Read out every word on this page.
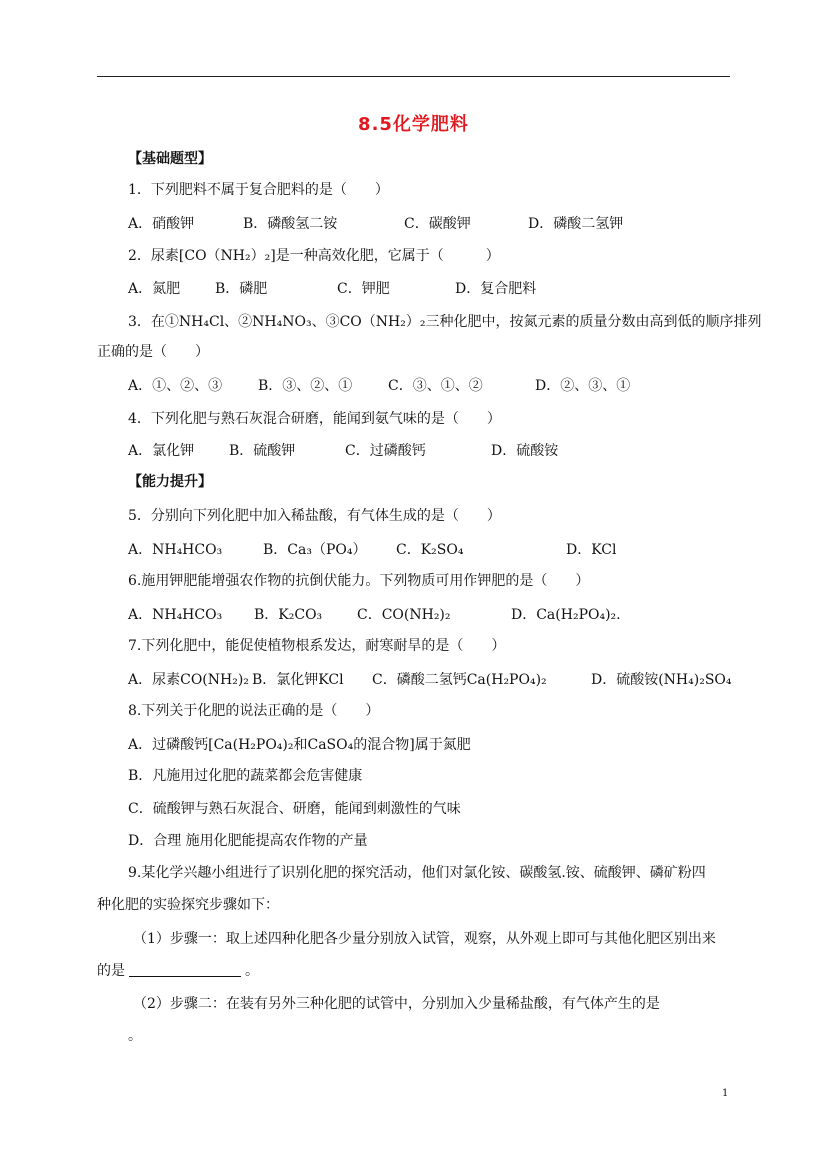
8.5化学肥料
【基础题型】
1．下列肥料不属于复合肥料的是（　　）
A．硝酸钾	B．磷酸氢二铵	C．碳酸钾	D．磷酸二氢钾
2．尿素[CO（NH₂）₂]是一种高效化肥，它属于（　　　）
A．氮肥 B．磷肥	C．钾肥	D．复合肥料
3．在①NH₄Cl、②NH₄NO₃、③CO（NH₂）₂三种化肥中，按氮元素的质量分数由高到低的顺序排列
正确的是（　　）
A．①、②、③	B．③、②、①	C．③、①、②	D．②、③、①
4．下列化肥与熟石灰混合研磨，能闻到氨气味的是（　　）
A．氯化钾 B．硫酸钾	C．过磷酸钙	D．硫酸铵
【能力提升】
5．分别向下列化肥中加入稀盐酸，有气体生成的是（　　）
A．NH₄HCO₃	B．Ca₃（PO₄） C．K₂SO₄	D．KCl
6.施用钾肥能增强农作物的抗倒伏能力。下列物质可用作钾肥的是（　　）
A．NH₄HCO₃ B．K₂CO₃ C．CO(NH₂)₂	D．Ca(H₂PO₄)₂.
7.下列化肥中，能促使植物根系发达，耐寒耐旱的是（　　）
A．尿素CO(NH₂)₂ B．氯化钾KCl C．磷酸二氢钙Ca(H₂PO₄)₂	D．硫酸铵(NH₄)₂SO₄
8.下列关于化肥的说法正确的是（　　）
A．过磷酸钙[Ca(H₂PO₄)₂和CaSO₄的混合物]属于氮肥
B．凡施用过化肥的蔬菜都会危害健康
C．硫酸钾与熟石灰混合、研磨，能闻到刺激性的气味
D．合理 施用化肥能提高农作物的产量
9.某化学兴趣小组进行了识别化肥的探究活动，他们对氯化铵、碳酸氢.铵、硫酸钾、磷矿粉四
种化肥的实验探究步骤如下：
（1）步骤一：取上述四种化肥各少量分别放入试管，观察，从外观上即可与其他化肥区别出来
的是	。
（2）步骤二：在装有另外三种化肥的试管中，分别加入少量稀盐酸，有气体产生的是
。
1
